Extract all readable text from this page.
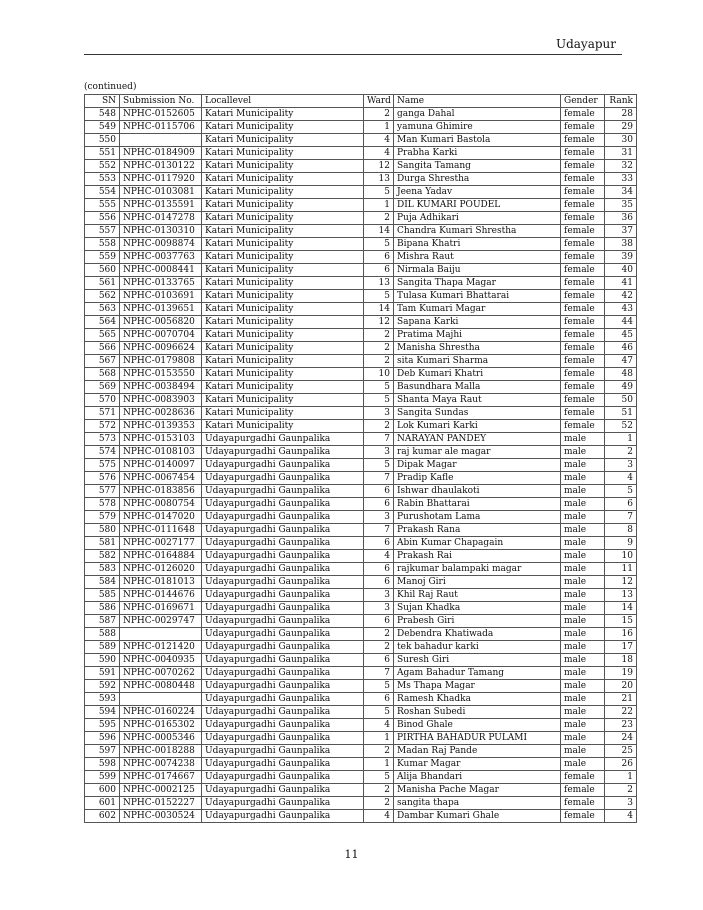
Udayapur
(continued)
SN	Submission No.	Locallevel	Ward	Name	Gender	Rank
548	NPHC-0152605	Katari Municipality	2	ganga Dahal	female	28
549	NPHC-0115706	Katari Municipality	1	yamuna Ghimire	female	29
550		Katari Municipality	4	Man Kumari Bastola	female	30
551	NPHC-0184909	Katari Municipality	4	Prabha Karki	female	31
552	NPHC-0130122	Katari Municipality	12	Sangita Tamang	female	32
553	NPHC-0117920	Katari Municipality	13	Durga Shrestha	female	33
554	NPHC-0103081	Katari Municipality	5	Jeena Yadav	female	34
555	NPHC-0135591	Katari Municipality	1	DIL KUMARI POUDEL	female	35
556	NPHC-0147278	Katari Municipality	2	Puja Adhikari	female	36
557	NPHC-0130310	Katari Municipality	14	Chandra Kumari Shrestha	female	37
558	NPHC-0098874	Katari Municipality	5	Bipana Khatri	female	38
559	NPHC-0037763	Katari Municipality	6	Mishra Raut	female	39
560	NPHC-0008441	Katari Municipality	6	Nirmala Baiju	female	40
561	NPHC-0133765	Katari Municipality	13	Sangita Thapa Magar	female	41
562	NPHC-0103691	Katari Municipality	5	Tulasa Kumari Bhattarai	female	42
563	NPHC-0139651	Katari Municipality	14	Tam Kumari Magar	female	43
564	NPHC-0056820	Katari Municipality	12	Sapana Karki	female	44
565	NPHC-0070704	Katari Municipality	2	Pratima Majhi	female	45
566	NPHC-0096624	Katari Municipality	2	Manisha Shrestha	female	46
567	NPHC-0179808	Katari Municipality	2	sita Kumari Sharma	female	47
568	NPHC-0153550	Katari Municipality	10	Deb Kumari Khatri	female	48
569	NPHC-0038494	Katari Municipality	5	Basundhara Malla	female	49
570	NPHC-0083903	Katari Municipality	5	Shanta Maya Raut	female	50
571	NPHC-0028636	Katari Municipality	3	Sangita Sundas	female	51
572	NPHC-0139353	Katari Municipality	2	Lok Kumari Karki	female	52
573	NPHC-0153103	Udayapurgadhi Gaunpalika	7	NARAYAN PANDEY	male	1
574	NPHC-0108103	Udayapurgadhi Gaunpalika	3	raj kumar ale magar	male	2
575	NPHC-0140097	Udayapurgadhi Gaunpalika	5	Dipak Magar	male	3
576	NPHC-0067454	Udayapurgadhi Gaunpalika	7	Pradip Kafle	male	4
577	NPHC-0183856	Udayapurgadhi Gaunpalika	6	Ishwar dhaulakoti	male	5
578	NPHC-0080754	Udayapurgadhi Gaunpalika	6	Rabin Bhattarai	male	6
579	NPHC-0147020	Udayapurgadhi Gaunpalika	3	Purushotam Lama	male	7
580	NPHC-0111648	Udayapurgadhi Gaunpalika	7	Prakash Rana	male	8
581	NPHC-0027177	Udayapurgadhi Gaunpalika	6	Abin Kumar Chapagain	male	9
582	NPHC-0164884	Udayapurgadhi Gaunpalika	4	Prakash Rai	male	10
583	NPHC-0126020	Udayapurgadhi Gaunpalika	6	rajkumar balampaki magar	male	11
584	NPHC-0181013	Udayapurgadhi Gaunpalika	6	Manoj Giri	male	12
585	NPHC-0144676	Udayapurgadhi Gaunpalika	3	Khil Raj Raut	male	13
586	NPHC-0169671	Udayapurgadhi Gaunpalika	3	Sujan Khadka	male	14
587	NPHC-0029747	Udayapurgadhi Gaunpalika	6	Prabesh Giri	male	15
588		Udayapurgadhi Gaunpalika	2	Debendra Khatiwada	male	16
589	NPHC-0121420	Udayapurgadhi Gaunpalika	2	tek bahadur karki	male	17
590	NPHC-0040935	Udayapurgadhi Gaunpalika	6	Suresh Giri	male	18
591	NPHC-0070262	Udayapurgadhi Gaunpalika	7	Agam Bahadur Tamang	male	19
592	NPHC-0080448	Udayapurgadhi Gaunpalika	5	Ms Thapa Magar	male	20
593		Udayapurgadhi Gaunpalika	6	Ramesh Khadka	male	21
594	NPHC-0160224	Udayapurgadhi Gaunpalika	5	Roshan Subedi	male	22
595	NPHC-0165302	Udayapurgadhi Gaunpalika	4	Binod Ghale	male	23
596	NPHC-0005346	Udayapurgadhi Gaunpalika	1	PIRTHA BAHADUR PULAMI	male	24
597	NPHC-0018288	Udayapurgadhi Gaunpalika	2	Madan Raj Pande	male	25
598	NPHC-0074238	Udayapurgadhi Gaunpalika	1	Kumar Magar	male	26
599	NPHC-0174667	Udayapurgadhi Gaunpalika	5	Alija Bhandari	female	1
600	NPHC-0002125	Udayapurgadhi Gaunpalika	2	Manisha Pache Magar	female	2
601	NPHC-0152227	Udayapurgadhi Gaunpalika	2	sangita thapa	female	3
602	NPHC-0030524	Udayapurgadhi Gaunpalika	4	Dambar Kumari Ghale	female	4
11
